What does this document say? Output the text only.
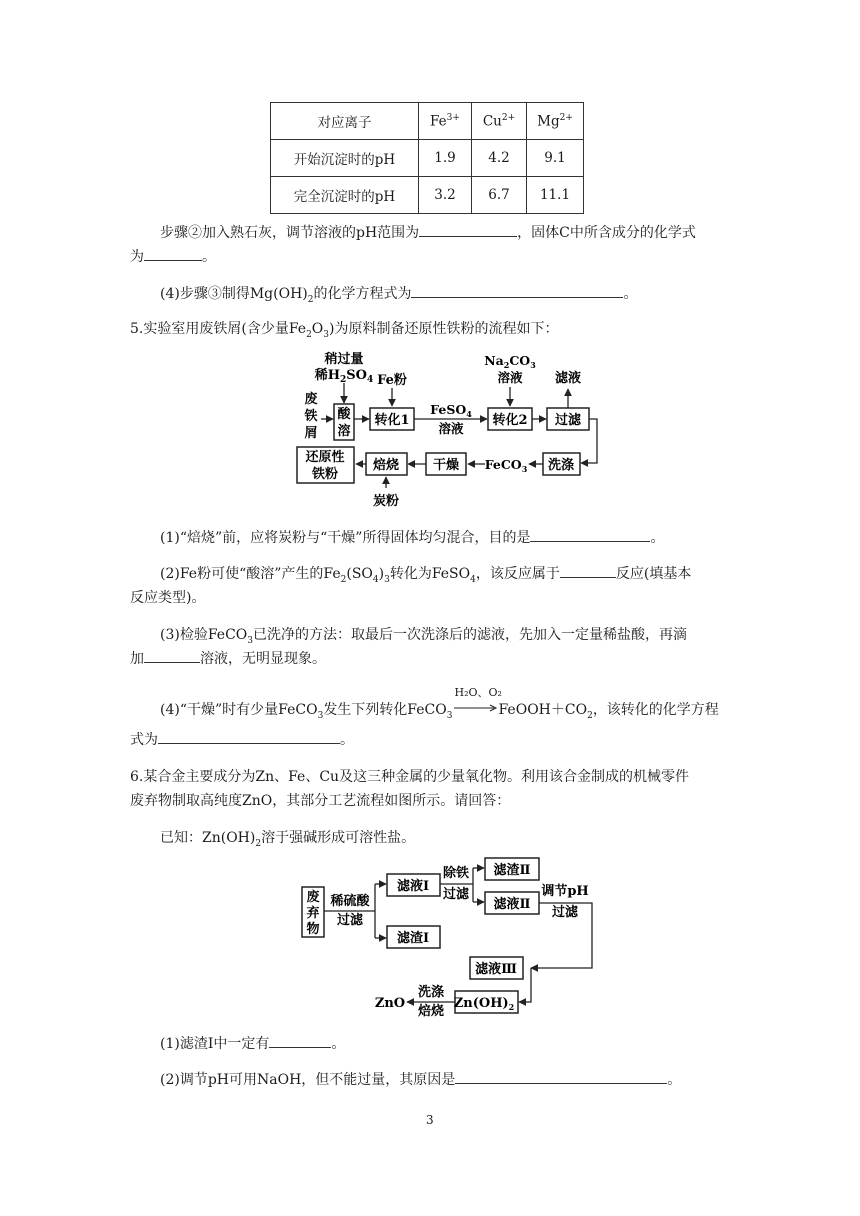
对应离子	$Fe^{3+}$	$Cu^{2+}$	$Mg^{2+}$
开始沉淀时的pH	1.9	4.2	9.1
完全沉淀时的pH	3.2	6.7	11.1
步骤②加入熟石灰，调节溶液的pH范围为	，固体C中所含成分的化学式
为	。
(4)步骤③制得$Mg(OH)_2$的化学方程式为	。
5.实验室用废铁屑(含少量$Fe_2O_3$)为原料制备还原性铁粉的流程如下：
稍过量
稀$H_2SO_4$ Fe粉
废
铁
屑
酸
溶
转化1
FeSO$_4$
溶液
$Na_2CO_3$
溶液
转化2 过滤
滤液
洗涤
FeCO$_3$
干燥
焙烧
炭粉
还原性
铁粉
(1)“焙烧”前，应将炭粉与“干燥”所得固体均匀混合，目的是	。
(2)Fe粉可使“酸溶”产生的$Fe_2(SO_4)_3$转化为FeSO$_4$，该反应属于	反应(填基本
反应类型)。
(3)检验FeCO$_3$已洗净的方法：取最后一次洗涤后的滤液，先加入一定量稀盐酸，再滴
加	溶液，无明显现象。
(4)“干燥”时有少量FeCO$_3$发生下列转化FeCO$_3$
H₂O、O₂
$FeOOH+CO_2$，该转化的化学方程
式为	。
6.某合金主要成分为Zn、Fe、Cu及这三种金属的少量氧化物。利用该合金制成的机械零件
废弃物制取高纯度ZnO，其部分工艺流程如图所示。请回答：
已知：$Zn(OH)_2$溶于强碱形成可溶性盐。
废
弃
物
稀硫酸
过滤
滤液Ⅰ
滤渣Ⅰ
除铁
过滤
滤渣Ⅱ
滤液Ⅱ
调节pH
过滤
滤液Ⅲ
$Zn(OH)_2$
洗涤
焙烧
ZnO
(1)滤渣Ⅰ中一定有	。
(2)调节pH可用NaOH，但不能过量，其原因是	。
3
